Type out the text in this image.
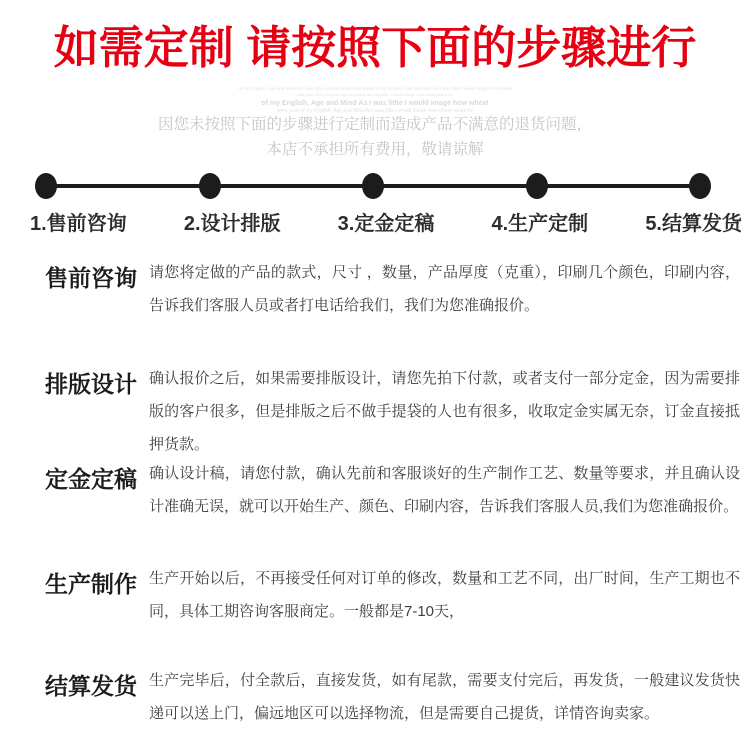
如需定制 请按照下面的步骤进行
of my English, Age and Mind As I was little I would image how wheat of my English, Age and Mind As I was little I would image how wheat
was poor of my English, Age and Mind As I was little I would image how wheat would be
of my English, Age and Mind As I was little I would image how wheat
were poor of my English, Age and Mind As I was little I would image how wheat would be
因您未按照下面的步骤进行定制而造成产品不满意的退货问题，
本店不承担所有费用，敬请谅解
1.售前咨询	2.设计排版	3.定金定稿	4.生产定制	5.结算发货
售前咨询 请您将定做的产品的款式，尺寸 ，数量，产品厚度（克重），印刷几个颜色，印刷内容，告诉我们客服人员或者打电话给我们，我们为您准确报价。
排版设计 确认报价之后，如果需要排版设计，请您先拍下付款，或者支付一部分定金，因为需要排版的客户很多，但是排版之后不做手提袋的人也有很多，收取定金实属无奈，订金直接抵押货款。
定金定稿 确认设计稿，请您付款，确认先前和客服谈好的生产制作工艺、数量等要求，并且确认设计准确无误，就可以开始生产、颜色、印刷内容，告诉我们客服人员,我们为您准确报价。
生产制作 生产开始以后，不再接受任何对订单的修改，数量和工艺不同，出厂时间，生产工期也不同，具体工期咨询客服商定。一般都是7-10天，
结算发货 生产完毕后，付全款后，直接发货，如有尾款，需要支付完后，再发货，一般建议发货快递可以送上门，偏远地区可以选择物流，但是需要自己提货，详情咨询卖家。
